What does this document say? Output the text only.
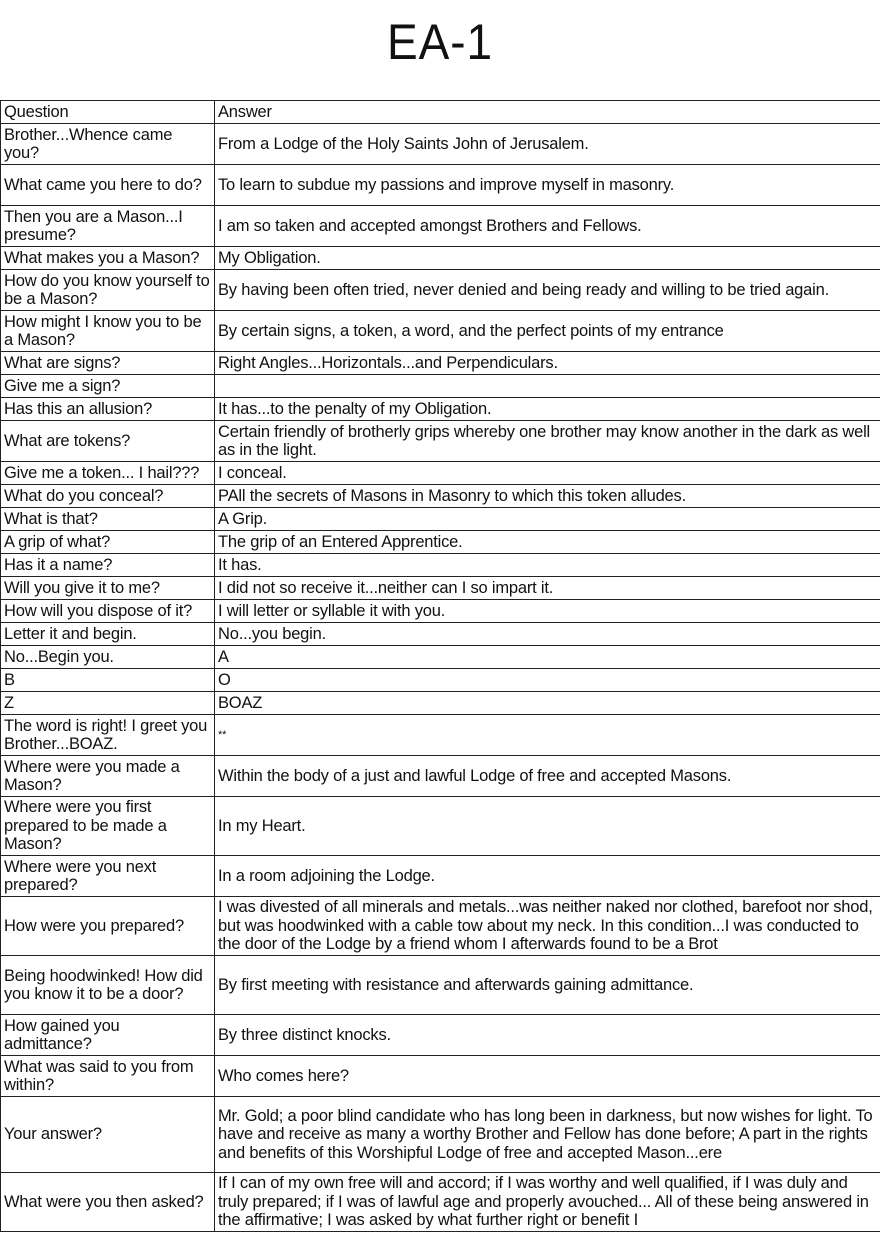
EA-1
Question	Answer
Brother...Whence came you?	From a Lodge of the Holy Saints John of Jerusalem.
What came you here to do?	To learn to subdue my passions and improve myself in masonry.
Then you are a Mason...I presume?	I am so taken and accepted amongst Brothers and Fellows.
What makes you a Mason?	My Obligation.
How do you know yourself to be a Mason?	By having been often tried, never denied and being ready and willing to be tried again.
How might I know you to be a Mason?	By certain signs, a token, a word, and the perfect points of my entrance
What are signs?	Right Angles...Horizontals...and Perpendiculars.
Give me a sign?	
Has this an allusion?	It has...to the penalty of my Obligation.
What are tokens?	Certain friendly of brotherly grips whereby one brother may know another in the dark as well as in the light.
Give me a token... I hail???	I conceal.
What do you conceal?	PAll the secrets of Masons in Masonry to which this token alludes.
What is that?	A Grip.
A grip of what?	The grip of an Entered Apprentice.
Has it a name?	It has.
Will you give it to me?	I did not so receive it...neither can I so impart it.
How will you dispose of it?	I will letter or syllable it with you.
Letter it and begin.	No...you begin.
No...Begin you.	A
B	O
Z	BOAZ
The word is right! I greet you Brother...BOAZ.	**
Where were you made a Mason?	Within the body of a just and lawful Lodge of free and accepted Masons.
Where were you first prepared to be made a Mason?	In my Heart.
Where were you next prepared?	In a room adjoining the Lodge.
How were you prepared?	I was divested of all minerals and metals...was neither naked nor clothed, barefoot nor shod, but was hoodwinked with a cable tow about my neck. In this condition...I was conducted to the door of the Lodge by a friend whom I afterwards found to be a Brot

Being hoodwinked! How did you know it to be a door?	By first meeting with resistance and afterwards gaining admittance.
How gained you admittance?	By three distinct knocks.
What was said to you from within?	Who comes here?
Your answer?	Mr. Gold; a poor blind candidate who has long been in darkness, but now wishes for light. To have and receive as many a worthy Brother and Fellow has done before; A part in the rights and benefits of this Worshipful Lodge of free and accepted Mason...ere
What were you then asked?	If I can of my own free will and accord; if I was worthy and well qualified, if I was duly and truly prepared; if I was of lawful age and properly avouched... All of these being answered in the affirmative; I was asked by what further right or benefit I
